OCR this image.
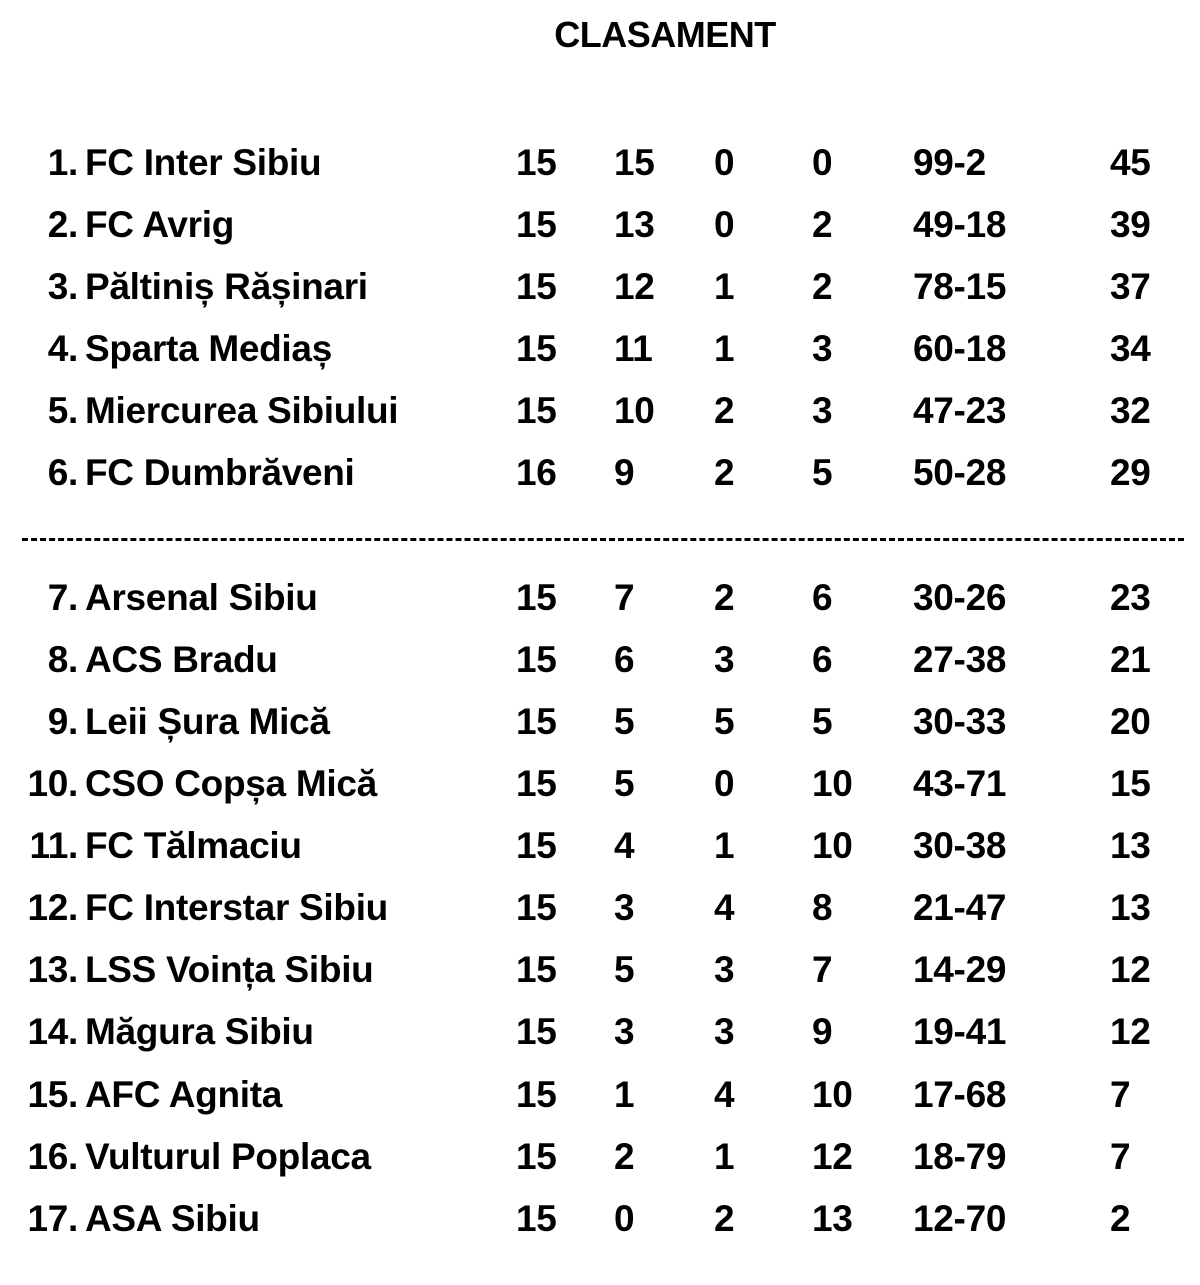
CLASAMENT
1. FC Inter Sibiu	15 15 0 0 99-2	45
2. FC Avrig	15 13 0 2 49-18	39
3. Păltiniș Rășinari	15 12 1 2 78-15	37
4. Sparta Mediaș	15 11 1 3 60-18	34
5. Miercurea Sibiului	15 10 2 3 47-23	32
6. FC Dumbrăveni	16 9 2 5 50-28	29
7. Arsenal Sibiu	15 7 2 6 30-26	23
8. ACS Bradu	15 6 3 6 27-38	21
9. Leii Șura Mică	15 5 5 5 30-33	20
10. CSO Copșa Mică	15 5 0 10 43-71	15
11. FC Tălmaciu	15 4 1 10 30-38	13
12. FC Interstar Sibiu	15 3 4 8 21-47	13
13. LSS Voința Sibiu	15 5 3 7 14-29	12
14. Măgura Sibiu	15 3 3 9 19-41	12
15. AFC Agnita	15 1 4 10 17-68	7
16. Vulturul Poplaca	15 2 1 12 18-79	7
17. ASA Sibiu	15 0 2 13 12-70	2
